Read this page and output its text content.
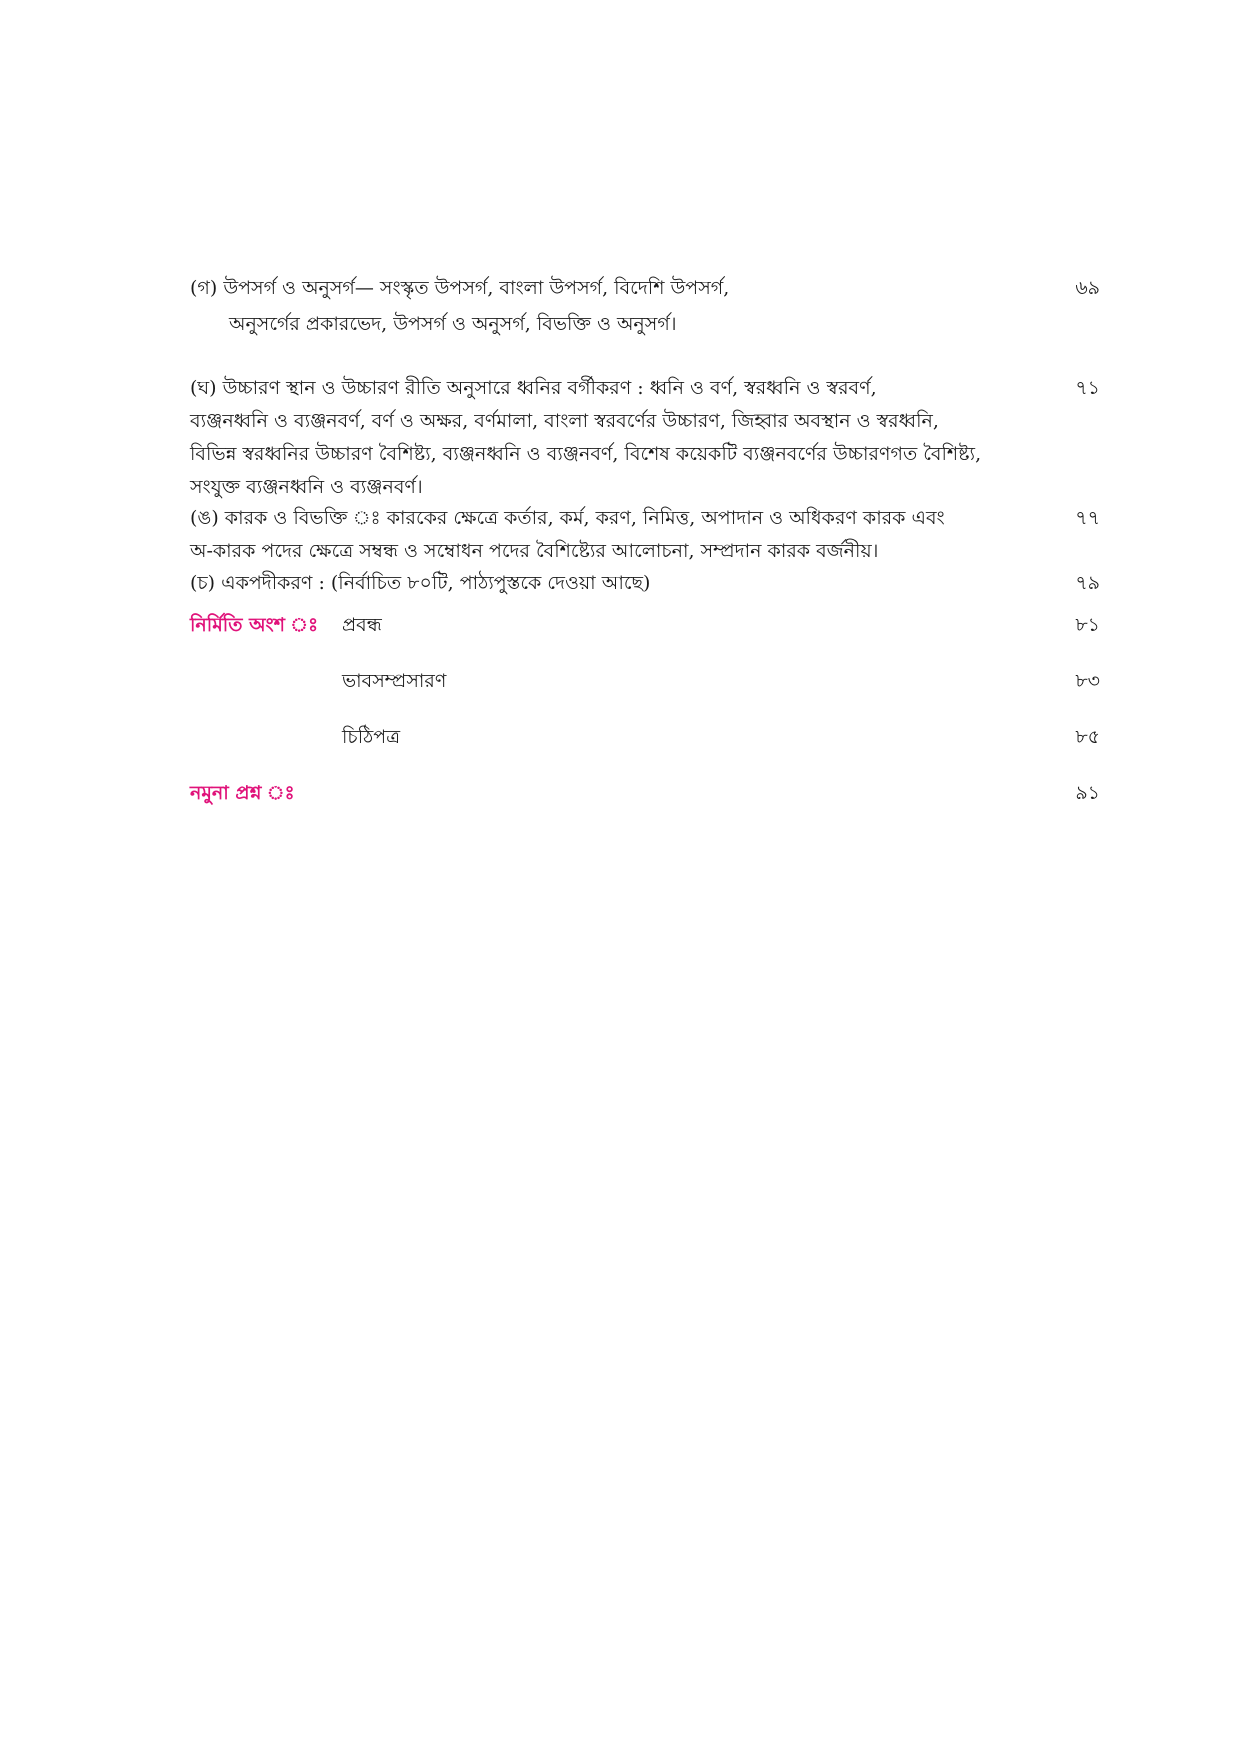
(গ) উপসর্গ ও অনুসর্গ— সংস্কৃত উপসর্গ, বাংলা উপসর্গ, বিদেশি উপসর্গ,	৬৯
অনুসর্গের প্রকারভেদ, উপসর্গ ও অনুসর্গ, বিভক্তি ও অনুসর্গ।
(ঘ) উচ্চারণ স্থান ও উচ্চারণ রীতি অনুসারে ধ্বনির বর্গীকরণ : ধ্বনি ও বর্ণ, স্বরধ্বনি ও স্বরবর্ণ,	৭১
ব্যঞ্জনধ্বনি ও ব্যঞ্জনবর্ণ, বর্ণ ও অক্ষর, বর্ণমালা, বাংলা স্বরবর্ণের উচ্চারণ, জিহ্বার অবস্থান ও স্বরধ্বনি,
বিভিন্ন স্বরধ্বনির উচ্চারণ বৈশিষ্ট্য, ব্যঞ্জনধ্বনি ও ব্যঞ্জনবর্ণ, বিশেষ কয়েকটি ব্যঞ্জনবর্ণের উচ্চারণগত বৈশিষ্ট্য,
সংযুক্ত ব্যঞ্জনধ্বনি ও ব্যঞ্জনবর্ণ।
(ঙ) কারক ও বিভক্তি ঃ কারকের ক্ষেত্রে কর্তার, কর্ম, করণ, নিমিত্ত, অপাদান ও অধিকরণ কারক এবং	৭৭
অ-কারক পদের ক্ষেত্রে সম্বন্ধ ও সম্বোধন পদের বৈশিষ্ট্যের আলোচনা, সম্প্রদান কারক বর্জনীয়।
(চ) একপদীকরণ : (নির্বাচিত ৮০টি, পাঠ্যপুস্তকে দেওয়া আছে)	৭৯
নির্মিতি অংশ ঃ প্রবন্ধ	৮১
ভাবসম্প্রসারণ	৮৩
চিঠিপত্র	৮৫
নমুনা প্রশ্ন ঃ	৯১
